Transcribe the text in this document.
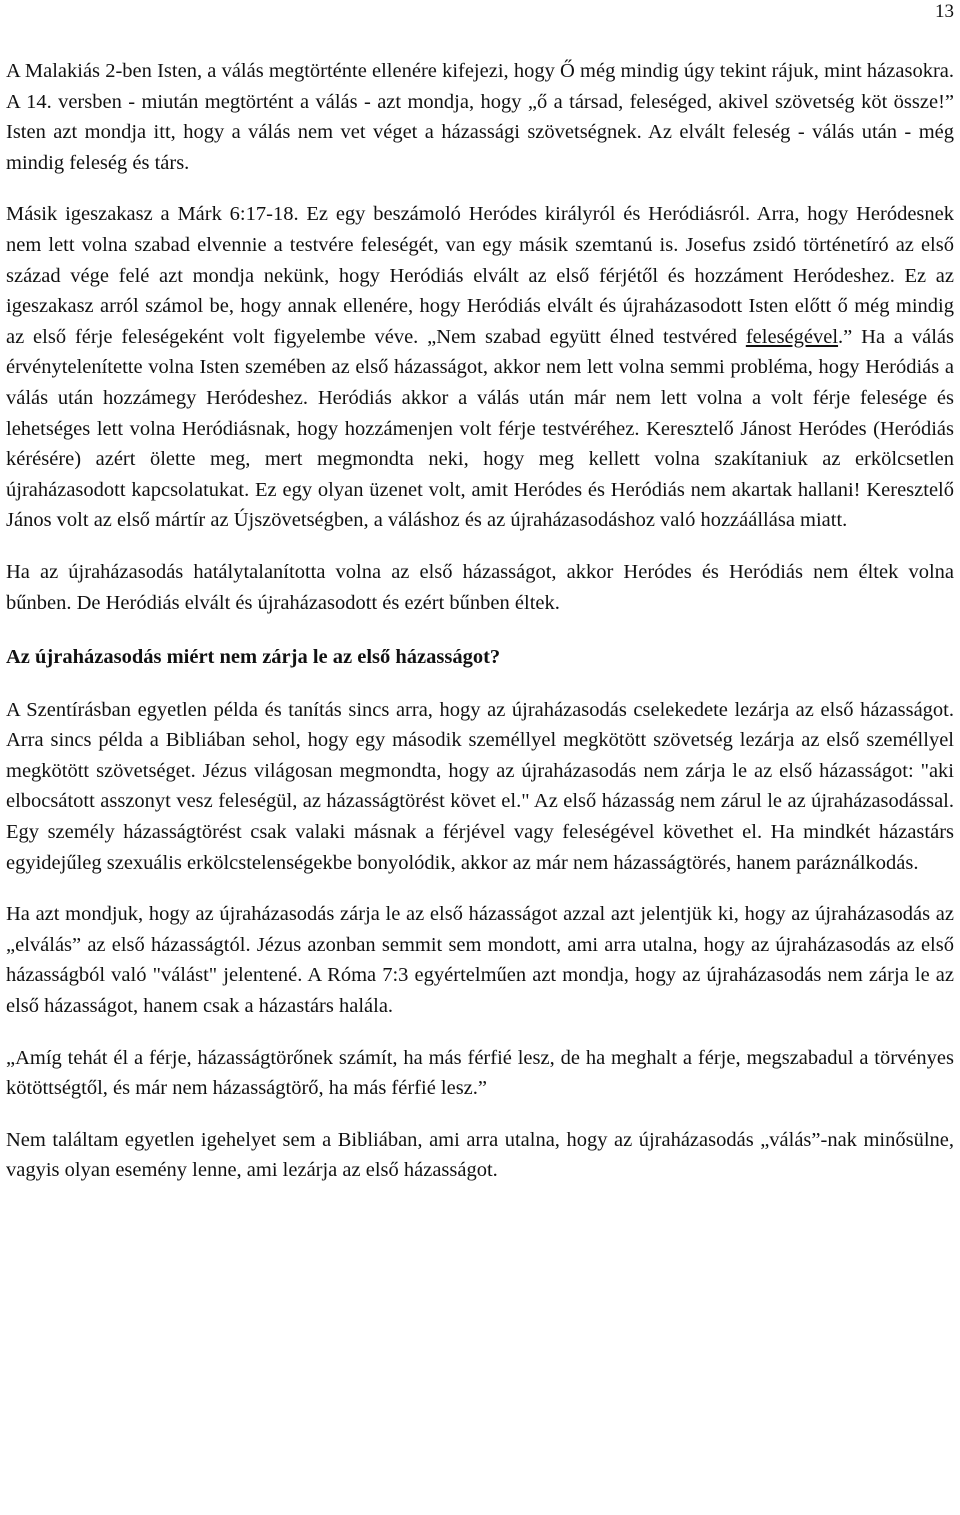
13

A Malakiás 2-ben Isten, a válás megtörténte ellenére kifejezi, hogy Ő még mindig úgy tekint rájuk, mint házasokra. A 14. versben - miután megtörtént a válás - azt mondja, hogy „ő a társad, feleséged, akivel szövetség köt össze!” Isten azt mondja itt, hogy a válás nem vet véget a házassági szövetségnek. Az elvált feleség - válás után - még mindig feleség és társ.

Másik igeszakasz a Márk 6:17-18. Ez egy beszámoló Heródes királyról és Heródiásról. Arra, hogy Heródesnek nem lett volna szabad elvennie a testvére feleségét, van egy másik szemtanú is. Josefus zsidó történetíró az első század vége felé azt mondja nekünk, hogy Heródiás elvált az első férjétől és hozzáment Heródeshez. Ez az igeszakasz arról számol be, hogy annak ellenére, hogy Heródiás elvált és újraházasodott Isten előtt ő még mindig az első férje feleségeként volt figyelembe véve. „Nem szabad együtt élned testvéred feleségével.” Ha a válás érvénytelenítette volna Isten szemében az első házasságot, akkor nem lett volna semmi probléma, hogy Heródiás a válás után hozzámegy Heródeshez. Heródiás akkor a válás után már nem lett volna a volt férje felesége és lehetséges lett volna Heródiásnak, hogy hozzámenjen volt férje testvéréhez. Keresztelő Jánost Heródes (Heródiás kérésére) azért ölette meg, mert megmondta neki, hogy meg kellett volna szakítaniuk az erkölcsetlen újraházasodott kapcsolatukat. Ez egy olyan üzenet volt, amit Heródes és Heródiás nem akartak hallani! Keresztelő János volt az első mártír az Újszövetségben, a váláshoz és az újraházasodáshoz való hozzáállása miatt.

Ha az újraházasodás hatálytalanította volna az első házasságot, akkor Heródes és Heródiás nem éltek volna bűnben. De Heródiás elvált és újraházasodott és ezért bűnben éltek.

Az újraházasodás miért nem zárja le az első házasságot?

A Szentírásban egyetlen példa és tanítás sincs arra, hogy az újraházasodás cselekedete lezárja az első házasságot. Arra sincs példa a Bibliában sehol, hogy egy második személlyel megkötött szövetség lezárja az első személlyel megkötött szövetséget. Jézus világosan megmondta, hogy az újraházasodás nem zárja le az első házasságot: "aki elbocsátott asszonyt vesz feleségül, az házasságtörést követ el." Az első házasság nem zárul le az újraházasodással. Egy személy házasságtörést csak valaki másnak a férjével vagy feleségével követhet el. Ha mindkét házastárs egyidejűleg szexuális erkölcstelenségekbe bonyolódik, akkor az már nem házasságtörés, hanem paráználkodás.

Ha azt mondjuk, hogy az újraházasodás zárja le az első házasságot azzal azt jelentjük ki, hogy az újraházasodás az „elválás” az első házasságtól. Jézus azonban semmit sem mondott, ami arra utalna, hogy az újraházasodás az első házasságból való "válást" jelentené. A Róma 7:3 egyértelműen azt mondja, hogy az újraházasodás nem zárja le az első házasságot, hanem csak a házastárs halála.

„Amíg tehát él a férje, házasságtörőnek számít, ha más férfié lesz, de ha meghalt a férje, megszabadul a törvényes kötöttségtől, és már nem házasságtörő, ha más férfié lesz.”

Nem találtam egyetlen igehelyet sem a Bibliában, ami arra utalna, hogy az újraházasodás „válás”-nak minősülne, vagyis olyan esemény lenne, ami lezárja az első házasságot.
